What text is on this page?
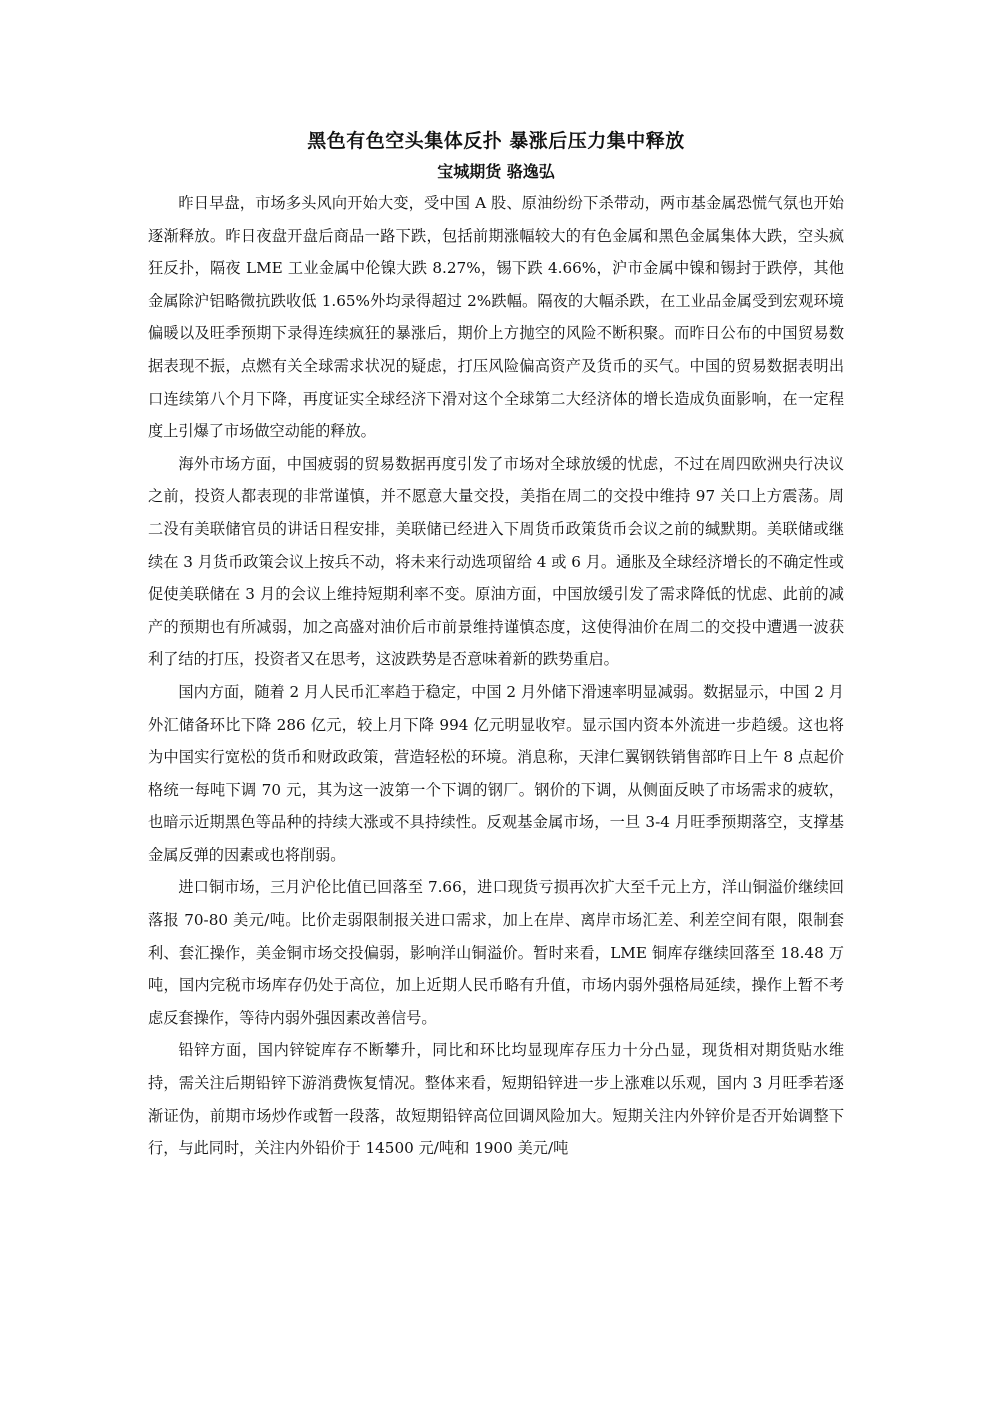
黑色有色空头集体反扑 暴涨后压力集中释放
宝城期货 骆逸弘

昨日早盘，市场多头风向开始大变，受中国 A 股、原油纷纷下杀带动，两市基金属恐慌气氛也开始逐渐释放。昨日夜盘开盘后商品一路下跌，包括前期涨幅较大的有色金属和黑色金属集体大跌，空头疯狂反扑，隔夜 LME 工业金属中伦镍大跌 8.27%，锡下跌 4.66%，沪市金属中镍和锡封于跌停，其他金属除沪铝略微抗跌收低 1.65%外均录得超过 2%跌幅。隔夜的大幅杀跌，在工业品金属受到宏观环境偏暖以及旺季预期下录得连续疯狂的暴涨后，期价上方抛空的风险不断积聚。而昨日公布的中国贸易数据表现不振，点燃有关全球需求状况的疑虑，打压风险偏高资产及货币的买气。中国的贸易数据表明出口连续第八个月下降，再度证实全球经济下滑对这个全球第二大经济体的增长造成负面影响，在一定程度上引爆了市场做空动能的释放。

海外市场方面，中国疲弱的贸易数据再度引发了市场对全球放缓的忧虑，不过在周四欧洲央行决议之前，投资人都表现的非常谨慎，并不愿意大量交投，美指在周二的交投中维持 97 关口上方震荡。周二没有美联储官员的讲话日程安排，美联储已经进入下周货币政策货币会议之前的缄默期。美联储或继续在 3 月货币政策会议上按兵不动，将未来行动选项留给 4 或 6 月。通胀及全球经济增长的不确定性或促使美联储在 3 月的会议上维持短期利率不变。原油方面，中国放缓引发了需求降低的忧虑、此前的减产的预期也有所减弱，加之高盛对油价后市前景维持谨慎态度，这使得油价在周二的交投中遭遇一波获利了结的打压，投资者又在思考，这波跌势是否意味着新的跌势重启。

国内方面，随着 2 月人民币汇率趋于稳定，中国 2 月外储下滑速率明显减弱。数据显示，中国 2 月外汇储备环比下降 286 亿元，较上月下降 994 亿元明显收窄。显示国内资本外流进一步趋缓。这也将为中国实行宽松的货币和财政政策，营造轻松的环境。消息称，天津仁翼钢铁销售部昨日上午 8 点起价格统一每吨下调 70 元，其为这一波第一个下调的钢厂。钢价的下调，从侧面反映了市场需求的疲软，也暗示近期黑色等品种的持续大涨或不具持续性。反观基金属市场，一旦 3-4 月旺季预期落空，支撑基金属反弹的因素或也将削弱。

进口铜市场，三月沪伦比值已回落至 7.66，进口现货亏损再次扩大至千元上方，洋山铜溢价继续回落报 70-80 美元/吨。比价走弱限制报关进口需求，加上在岸、离岸市场汇差、利差空间有限，限制套利、套汇操作，美金铜市场交投偏弱，影响洋山铜溢价。暂时来看，LME 铜库存继续回落至 18.48 万吨，国内完税市场库存仍处于高位，加上近期人民币略有升值，市场内弱外强格局延续，操作上暂不考虑反套操作，等待内弱外强因素改善信号。

铅锌方面，国内锌锭库存不断攀升，同比和环比均显现库存压力十分凸显，现货相对期货贴水维持，需关注后期铅锌下游消费恢复情况。整体来看，短期铅锌进一步上涨难以乐观，国内 3 月旺季若逐渐证伪，前期市场炒作或暂一段落，故短期铅锌高位回调风险加大。短期关注内外锌价是否开始调整下行，与此同时，关注内外铅价于 14500 元/吨和 1900 美元/吨
